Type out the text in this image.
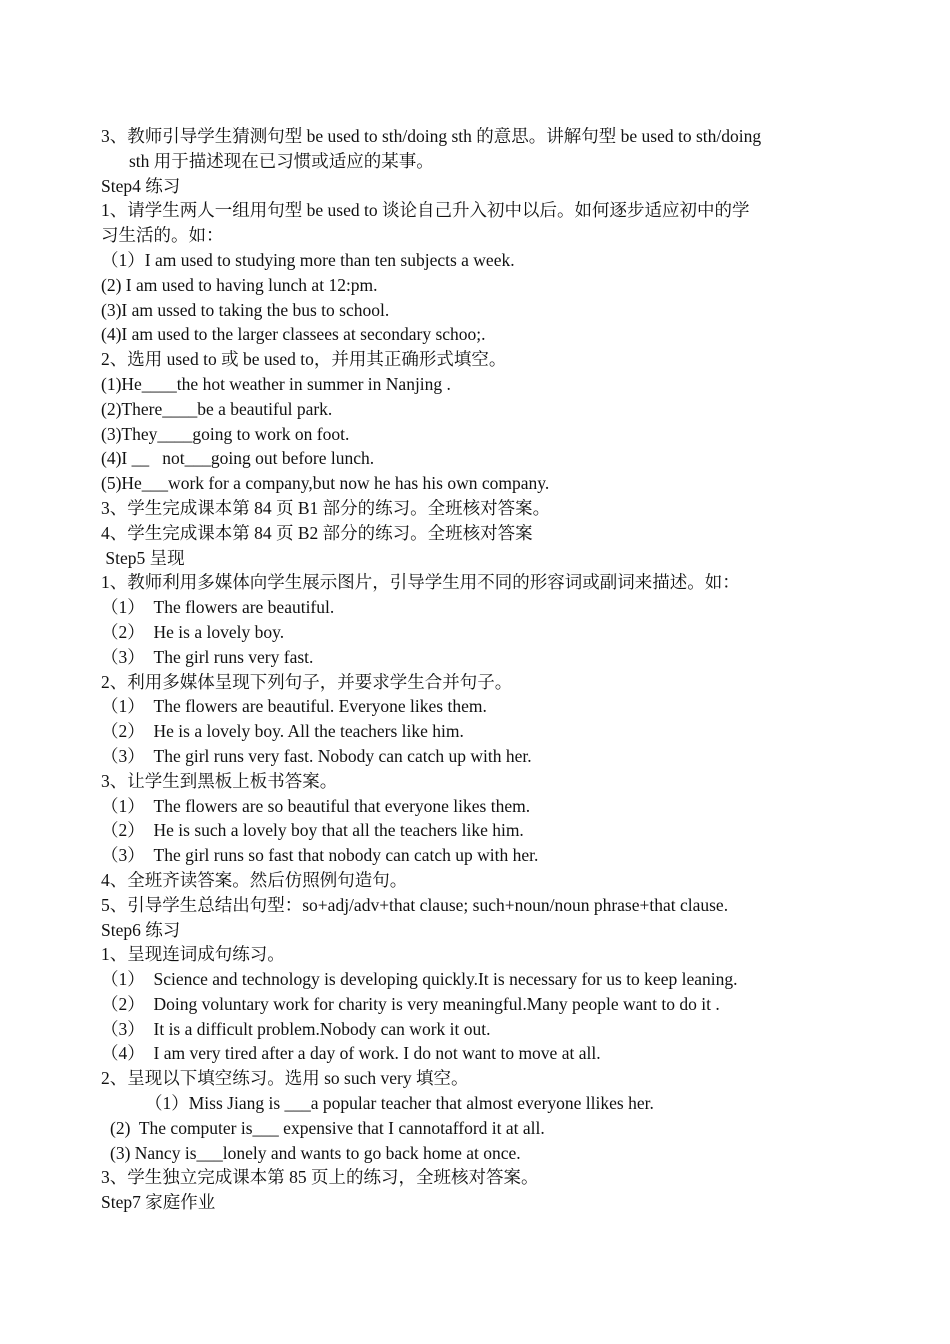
3、教师引导学生猜测句型 be used to sth/doing sth 的意思。讲解句型 be used to sth/doing
sth 用于描述现在已习惯或适应的某事。
Step4 练习
1、请学生两人一组用句型 be used to 谈论自己升入初中以后。如何逐步适应初中的学
习生活的。如：
（1）I am used to studying more than ten subjects a week.
(2) I am used to having lunch at 12:pm.
(3)I am ussed to taking the bus to school.
(4)I am used to the larger classees at secondary schoo;.
2、选用 used to 或 be used to，并用其正确形式填空。
(1)He____the hot weather in summer in Nanjing .
(2)There____be a beautiful park.
(3)They____going to work on foot.
(4)I __   not___going out before lunch.
(5)He___work for a company,but now he has his own company.
3、学生完成课本第 84 页 B1 部分的练习。全班核对答案。
4、学生完成课本第 84 页 B2 部分的练习。全班核对答案
Step5 呈现
1、教师利用多媒体向学生展示图片，引导学生用不同的形容词或副词来描述。如：
（1）  The flowers are beautiful.
（2）  He is a lovely boy.
（3）  The girl runs very fast.
2、利用多媒体呈现下列句子，并要求学生合并句子。
（1）  The flowers are beautiful. Everyone likes them.
（2）  He is a lovely boy. All the teachers like him.
（3）  The girl runs very fast. Nobody can catch up with her.
3、让学生到黑板上板书答案。
（1）  The flowers are so beautiful that everyone likes them.
（2）  He is such a lovely boy that all the teachers like him.
（3）  The girl runs so fast that nobody can catch up with her.
4、全班齐读答案。然后仿照例句造句。
5、引导学生总结出句型：so+adj/adv+that clause; such+noun/noun phrase+that clause.
Step6 练习
1、呈现连词成句练习。
（1）  Science and technology is developing quickly.It is necessary for us to keep leaning.
（2）  Doing voluntary work for charity is very meaningful.Many people want to do it .
（3）  It is a difficult problem.Nobody can work it out.
（4）  I am very tired after a day of work. I do not want to move at all.
2、呈现以下填空练习。选用 so such very 填空。
（1）Miss Jiang is ___a popular teacher that almost everyone llikes her.
(2)  The computer is___ expensive that I cannotafford it at all.
(3) Nancy is___lonely and wants to go back home at once.
3、学生独立完成课本第 85 页上的练习，全班核对答案。
Step7 家庭作业
